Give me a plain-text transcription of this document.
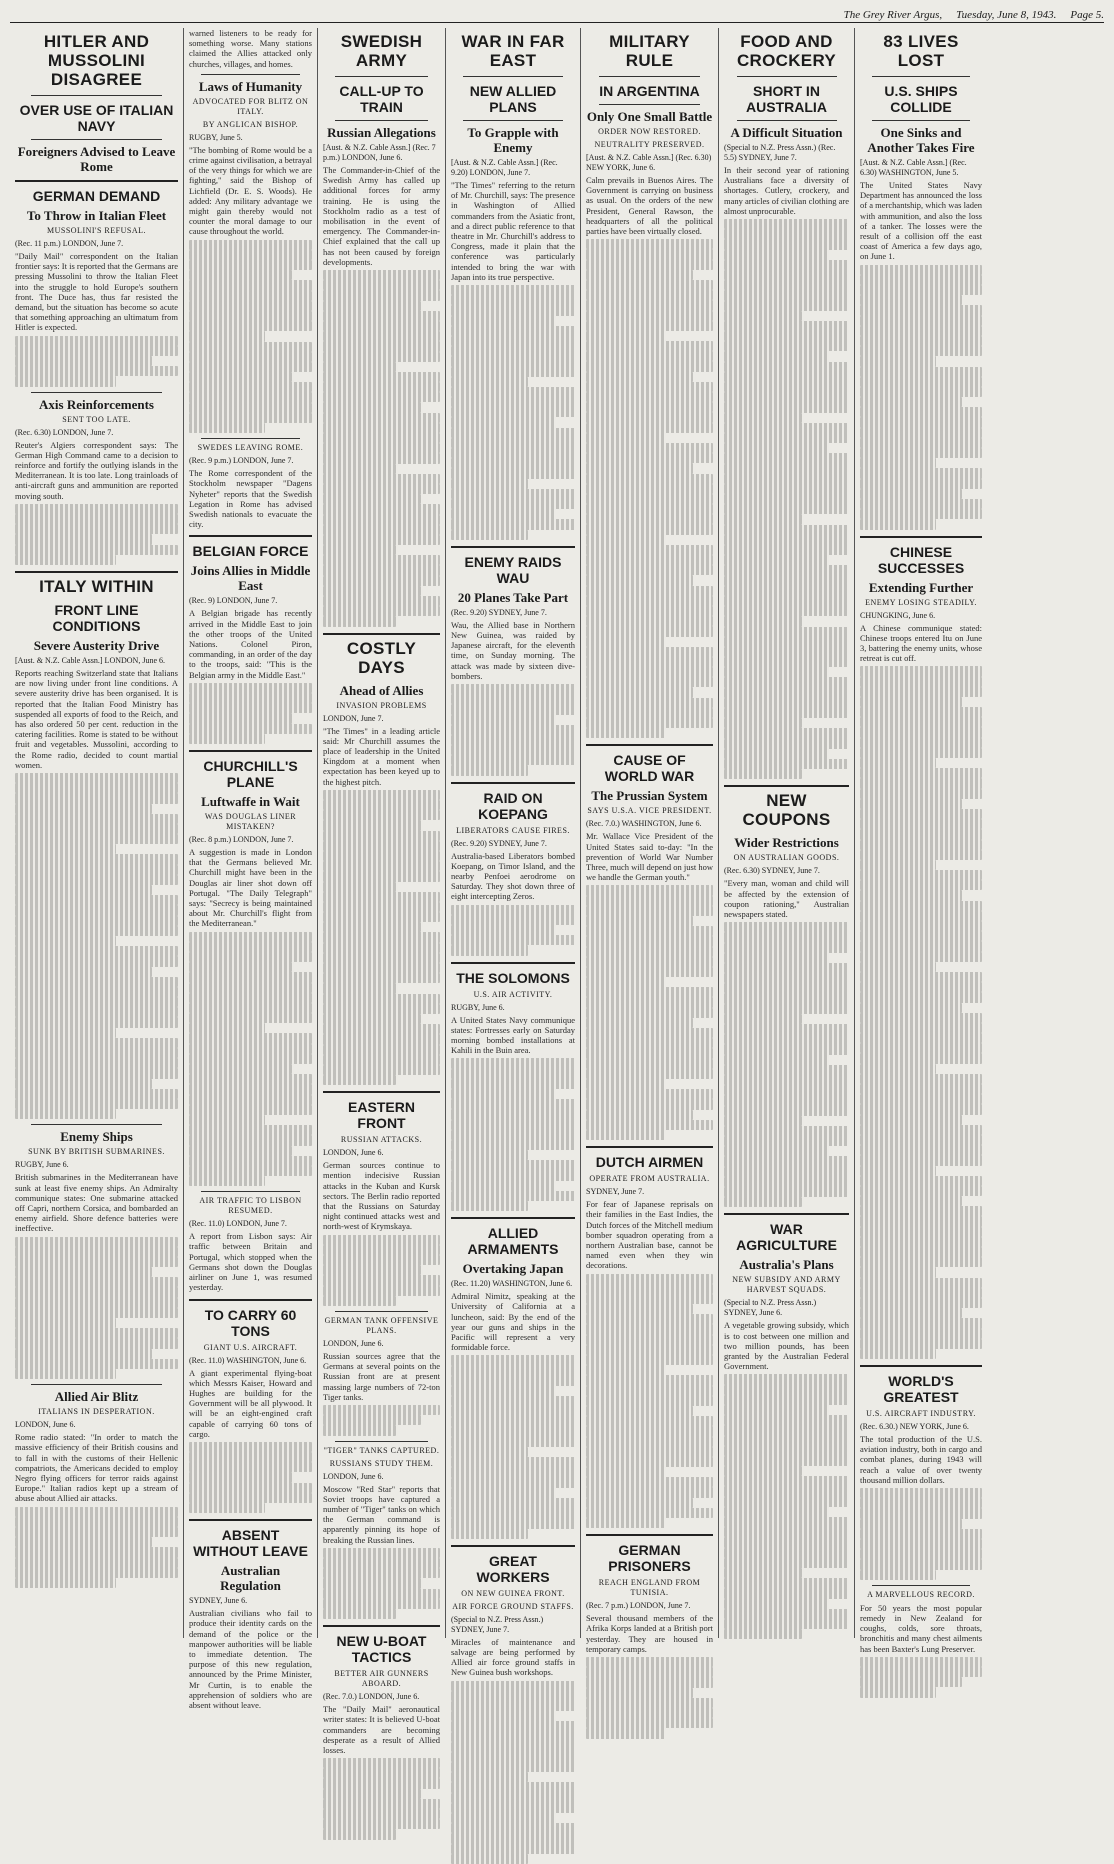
The Grey River Argus, Tuesday, June 8, 1943. Page 5.
HITLER AND MUSSOLINI DISAGREE
OVER USE OF ITALIAN NAVY
Foreigners Advised to Leave Rome
GERMAN DEMAND
To Throw in Italian Fleet
MUSSOLINI'S REFUSAL.
(Rec. 11 p.m.) LONDON, June 7.

"Daily Mail" correspondent on the Italian frontier says: It is reported that the Germans are pressing Mussolini to throw the Italian Fleet into the struggle to hold Europe's southern front. The Duce has, thus far resisted the demand, but the situation has become so acute that something approaching an ultimatum from Hitler is expected.

Axis Reinforcements
SENT TOO LATE.
(Rec. 6.30) LONDON, June 7.

Reuter's Algiers correspondent says: The German High Command came to a decision to reinforce and fortify the outlying islands in the Mediterranean. It is too late. Long trainloads of anti-aircraft guns and ammunition are reported moving south.

ITALY WITHIN
FRONT LINE CONDITIONS
Severe Austerity Drive
[Aust. & N.Z. Cable Assn.] LONDON, June 6.

Reports reaching Switzerland state that Italians are now living under front line conditions. A severe austerity drive has been organised. It is reported that the Italian Food Ministry has suspended all exports of food to the Reich, and has also ordered 50 per cent. reduction in the catering facilities. Rome is stated to be without fruit and vegetables. Mussolini, according to the Rome radio, decided to count martial women.

Enemy Ships
SUNK BY BRITISH SUBMARINES.
RUGBY, June 6.

British submarines in the Mediterranean have sunk at least five enemy ships. An Admiralty communique states: One submarine attacked off Capri, northern Corsica, and bombarded an enemy airfield. Shore defence batteries were ineffective.

Allied Air Blitz
ITALIANS IN DESPERATION.
LONDON, June 6.

Rome radio stated: "In order to match the massive efficiency of their British cousins and to fall in with the customs of their Hellenic compatriots, the Americans decided to employ Negro flying officers for terror raids against Europe." Italian radios kept up a stream of abuse about Allied air attacks.

warned listeners to be ready for something worse. Many stations claimed the Allies attacked only churches, villages, and homes.

Laws of Humanity
ADVOCATED FOR BLITZ ON ITALY.
BY ANGLICAN BISHOP.
RUGBY, June 5.

"The bombing of Rome would be a crime against civilisation, a betrayal of the very things for which we are fighting," said the Bishop of Lichfield (Dr. E. S. Woods). He added: Any military advantage we might gain thereby would not counter the moral damage to our cause throughout the world.

SWEDES LEAVING ROME.
(Rec. 9 p.m.) LONDON, June 7.

The Rome correspondent of the Stockholm newspaper "Dagens Nyheter" reports that the Swedish Legation in Rome has advised Swedish nationals to evacuate the city.

BELGIAN FORCE
Joins Allies in Middle East
(Rec. 9) LONDON, June 7.

A Belgian brigade has recently arrived in the Middle East to join the other troops of the United Nations. Colonel Piron, commanding, in an order of the day to the troops, said: "This is the Belgian army in the Middle East."

CHURCHILL'S PLANE
Luftwaffe in Wait
WAS DOUGLAS LINER MISTAKEN?
(Rec. 8 p.m.) LONDON, June 7.

A suggestion is made in London that the Germans believed Mr. Churchill might have been in the Douglas air liner shot down off Portugal. "The Daily Telegraph" says: "Secrecy is being maintained about Mr. Churchill's flight from the Mediterranean."

AIR TRAFFIC TO LISBON RESUMED.
(Rec. 11.0) LONDON, June 7.

A report from Lisbon says: Air traffic between Britain and Portugal, which stopped when the Germans shot down the Douglas airliner on June 1, was resumed yesterday.

TO CARRY 60 TONS
GIANT U.S. AIRCRAFT.
(Rec. 11.0) WASHINGTON, June 6.

A giant experimental flying-boat which Messrs Kaiser, Howard and Hughes are building for the Government will be all plywood. It will be an eight-engined craft capable of carrying 60 tons of cargo.

ABSENT WITHOUT LEAVE
Australian Regulation
SYDNEY, June 6.

Australian civilians who fail to produce their identity cards on the demand of the police or the manpower authorities will be liable to immediate detention. The purpose of this new regulation, announced by the Prime Minister, Mr Curtin, is to enable the apprehension of soldiers who are absent without leave.

SWEDISH ARMY
CALL-UP TO TRAIN
Russian Allegations
[Aust. & N.Z. Cable Assn.] (Rec. 7 p.m.) LONDON, June 6.

The Commander-in-Chief of the Swedish Army has called up additional forces for army training. He is using the Stockholm radio as a test of mobilisation in the event of emergency. The Commander-in-Chief explained that the call up has not been caused by foreign developments.

COSTLY DAYS
Ahead of Allies
INVASION PROBLEMS
LONDON, June 7.

"The Times" in a leading article said: Mr Churchill assumes the place of leadership in the United Kingdom at a moment when expectation has been keyed up to the highest pitch.

EASTERN FRONT
RUSSIAN ATTACKS.
LONDON, June 6.

German sources continue to mention indecisive Russian attacks in the Kuban and Kursk sectors. The Berlin radio reported that the Russians on Saturday night continued attacks west and north-west of Krymskaya.

GERMAN TANK OFFENSIVE PLANS.
LONDON, June 6.

Russian sources agree that the Germans at several points on the Russian front are at present massing large numbers of 72-ton Tiger tanks.

"TIGER" TANKS CAPTURED.
RUSSIANS STUDY THEM.
LONDON, June 6.

Moscow "Red Star" reports that Soviet troops have captured a number of "Tiger" tanks on which the German command is apparently pinning its hope of breaking the Russian lines.

NEW U-BOAT TACTICS
BETTER AIR GUNNERS ABOARD.
(Rec. 7.0.) LONDON, June 6.

The "Daily Mail" aeronautical writer states: It is believed U-boat commanders are becoming desperate as a result of Allied losses.

WAR IN FAR EAST
NEW ALLIED PLANS
To Grapple with Enemy
[Aust. & N.Z. Cable Assn.] (Rec. 9.20) LONDON, June 7.

"The Times" referring to the return of Mr. Churchill, says: The presence in Washington of Allied commanders from the Asiatic front, and a direct public reference to that theatre in Mr. Churchill's address to Congress, made it plain that the conference was particularly intended to bring the war with Japan into its true perspective.

ENEMY RAIDS WAU
20 Planes Take Part
(Rec. 9.20) SYDNEY, June 7.

Wau, the Allied base in Northern New Guinea, was raided by Japanese aircraft, for the eleventh time, on Sunday morning. The attack was made by sixteen dive-bombers.

RAID ON KOEPANG
LIBERATORS CAUSE FIRES.
(Rec. 9.20) SYDNEY, June 7.

Australia-based Liberators bombed Koepang, on Timor Island, and the nearby Penfoei aerodrome on Saturday. They shot down three of eight intercepting Zeros.

THE SOLOMONS
U.S. AIR ACTIVITY.
RUGBY, June 6.

A United States Navy communique states: Fortresses early on Saturday morning bombed installations at Kahili in the Buin area.

ALLIED ARMAMENTS
Overtaking Japan
(Rec. 11.20) WASHINGTON, June 6.

Admiral Nimitz, speaking at the University of California at a luncheon, said: By the end of the year our guns and ships in the Pacific will represent a very formidable force.

GREAT WORKERS
ON NEW GUINEA FRONT.
AIR FORCE GROUND STAFFS.
(Special to N.Z. Press Assn.) SYDNEY, June 7.

Miracles of maintenance and salvage are being performed by Allied air force ground staffs in New Guinea bush workshops.

MILITARY RULE
IN ARGENTINA
Only One Small Battle
ORDER NOW RESTORED.
NEUTRALITY PRESERVED.
[Aust. & N.Z. Cable Assn.] (Rec. 6.30) NEW YORK, June 6.

Calm prevails in Buenos Aires. The Government is carrying on business as usual. On the orders of the new President, General Rawson, the headquarters of all the political parties have been virtually closed.

CAUSE OF WORLD WAR
The Prussian System
SAYS U.S.A. VICE PRESIDENT.
(Rec. 7.0.) WASHINGTON, June 6.

Mr. Wallace Vice President of the United States said to-day: "In the prevention of World War Number Three, much will depend on just how we handle the German youth."

DUTCH AIRMEN
OPERATE FROM AUSTRALIA.
SYDNEY, June 7.

For fear of Japanese reprisals on their families in the East Indies, the Dutch forces of the Mitchell medium bomber squadron operating from a northern Australian base, cannot be named even when they win decorations.

GERMAN PRISONERS
REACH ENGLAND FROM TUNISIA.
(Rec. 7 p.m.) LONDON, June 7.

Several thousand members of the Afrika Korps landed at a British port yesterday. They are housed in temporary camps.

FOOD AND CROCKERY
SHORT IN AUSTRALIA
A Difficult Situation
(Special to N.Z. Press Assn.) (Rec. 5.5) SYDNEY, June 7.

In their second year of rationing Australians face a diversity of shortages. Cutlery, crockery, and many articles of civilian clothing are almost unprocurable.

NEW COUPONS
Wider Restrictions
ON AUSTRALIAN GOODS.
(Rec. 6.30) SYDNEY, June 7.

"Every man, woman and child will be affected by the extension of coupon rationing," Australian newspapers stated.

WAR AGRICULTURE
Australia's Plans
NEW SUBSIDY AND ARMY HARVEST SQUADS.
(Special to N.Z. Press Assn.) SYDNEY, June 6.

A vegetable growing subsidy, which is to cost between one million and two million pounds, has been granted by the Australian Federal Government.

83 LIVES LOST
U.S. SHIPS COLLIDE
One Sinks and Another Takes Fire
[Aust. & N.Z. Cable Assn.] (Rec. 6.30) WASHINGTON, June 5.

The United States Navy Department has announced the loss of a merchantship, which was laden with ammunition, and also the loss of a tanker. The losses were the result of a collision off the east coast of America a few days ago, on June 1.

CHINESE SUCCESSES
Extending Further
ENEMY LOSING STEADILY.
CHUNGKING, June 6.

A Chinese communique stated: Chinese troops entered Itu on June 3, battering the enemy units, whose retreat is cut off.

WORLD'S GREATEST
U.S. AIRCRAFT INDUSTRY.
(Rec. 6.30.) NEW YORK, June 6.

The total production of the U.S. aviation industry, both in cargo and combat planes, during 1943 will reach a value of over twenty thousand million dollars.

A MARVELLOUS RECORD.

For 50 years the most popular remedy in New Zealand for coughs, colds, sore throats, bronchitis and many chest ailments has been Baxter's Lung Preserver.
